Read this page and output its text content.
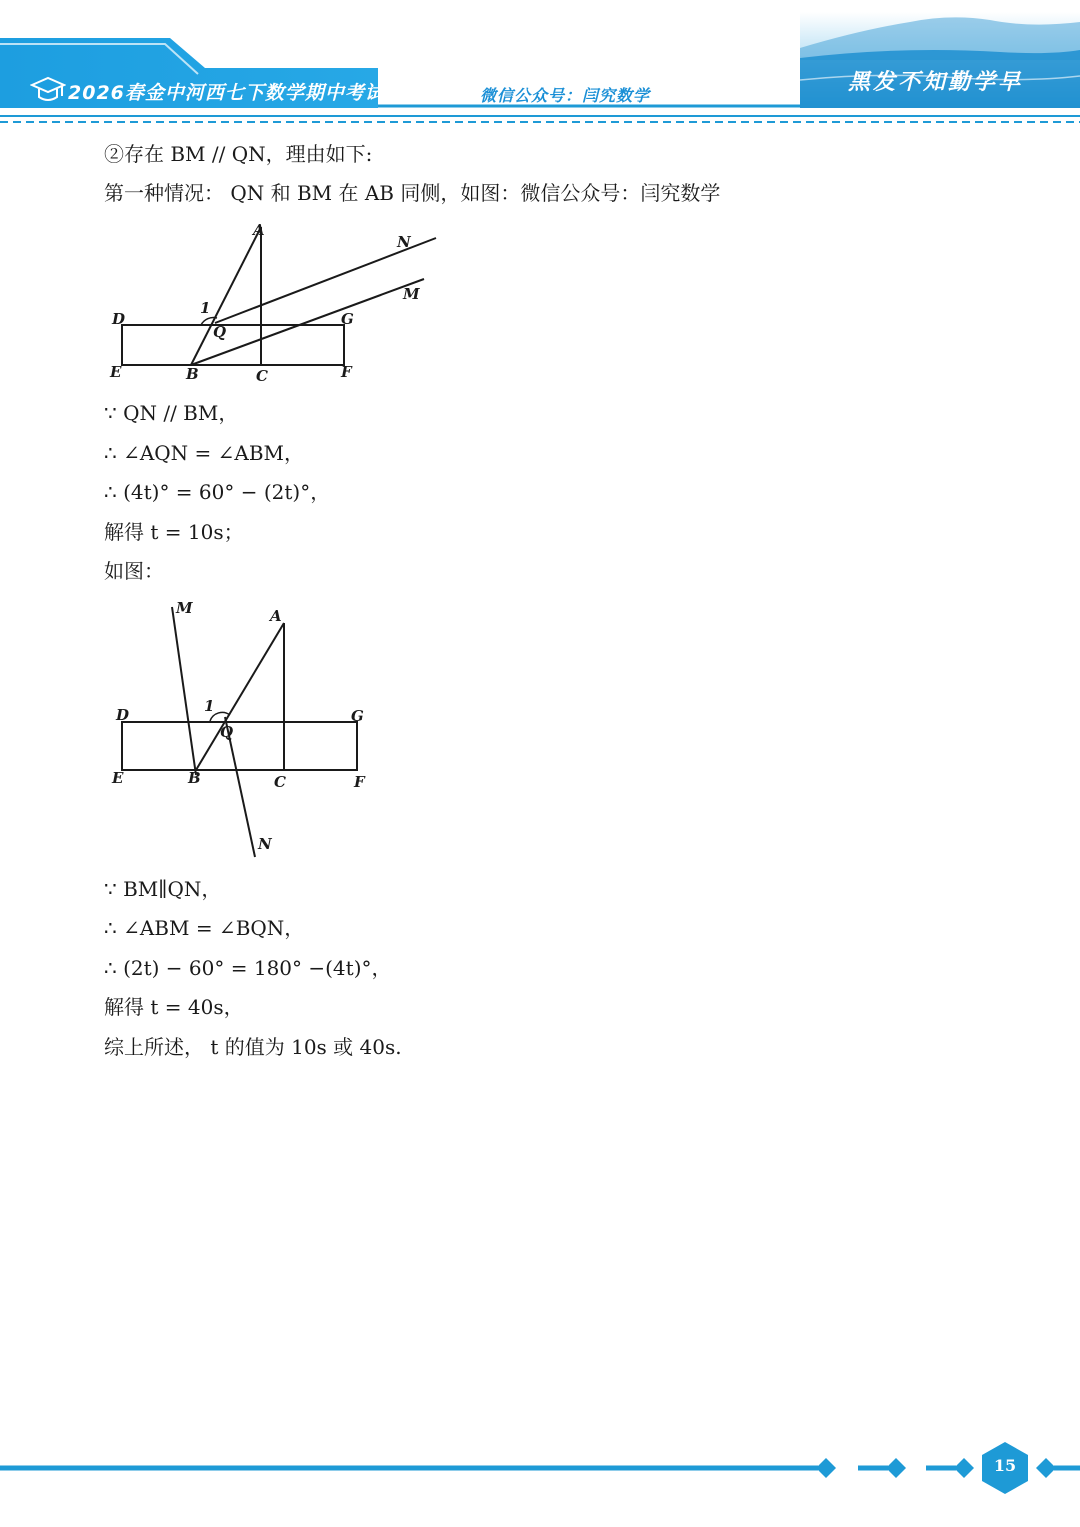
2026春金中河西七下数学期中考试	微信公众号：闫究数学
黑发不知勤学早
②存在 BM // QN，理由如下:
第一种情况： QN 和 BM 在 AB 同侧，如图：微信公众号：闫究数学
A
N
M
1
D
Q
G
E	B	C	F
∵ QN // BM，
∴ ∠AQN = ∠ABM，
∴ (4t)° = 60° − (2t)°，
解得 t = 10s；
如图：
M	A
1
D
Q
G
E	B	C	F
N
∵ BM∥QN，
∴ ∠ABM = ∠BQN，
∴ (2t) − 60° = 180° −(4t)°，
解得 t = 40s，
综上所述， t 的值为 10s 或 40s.
15
